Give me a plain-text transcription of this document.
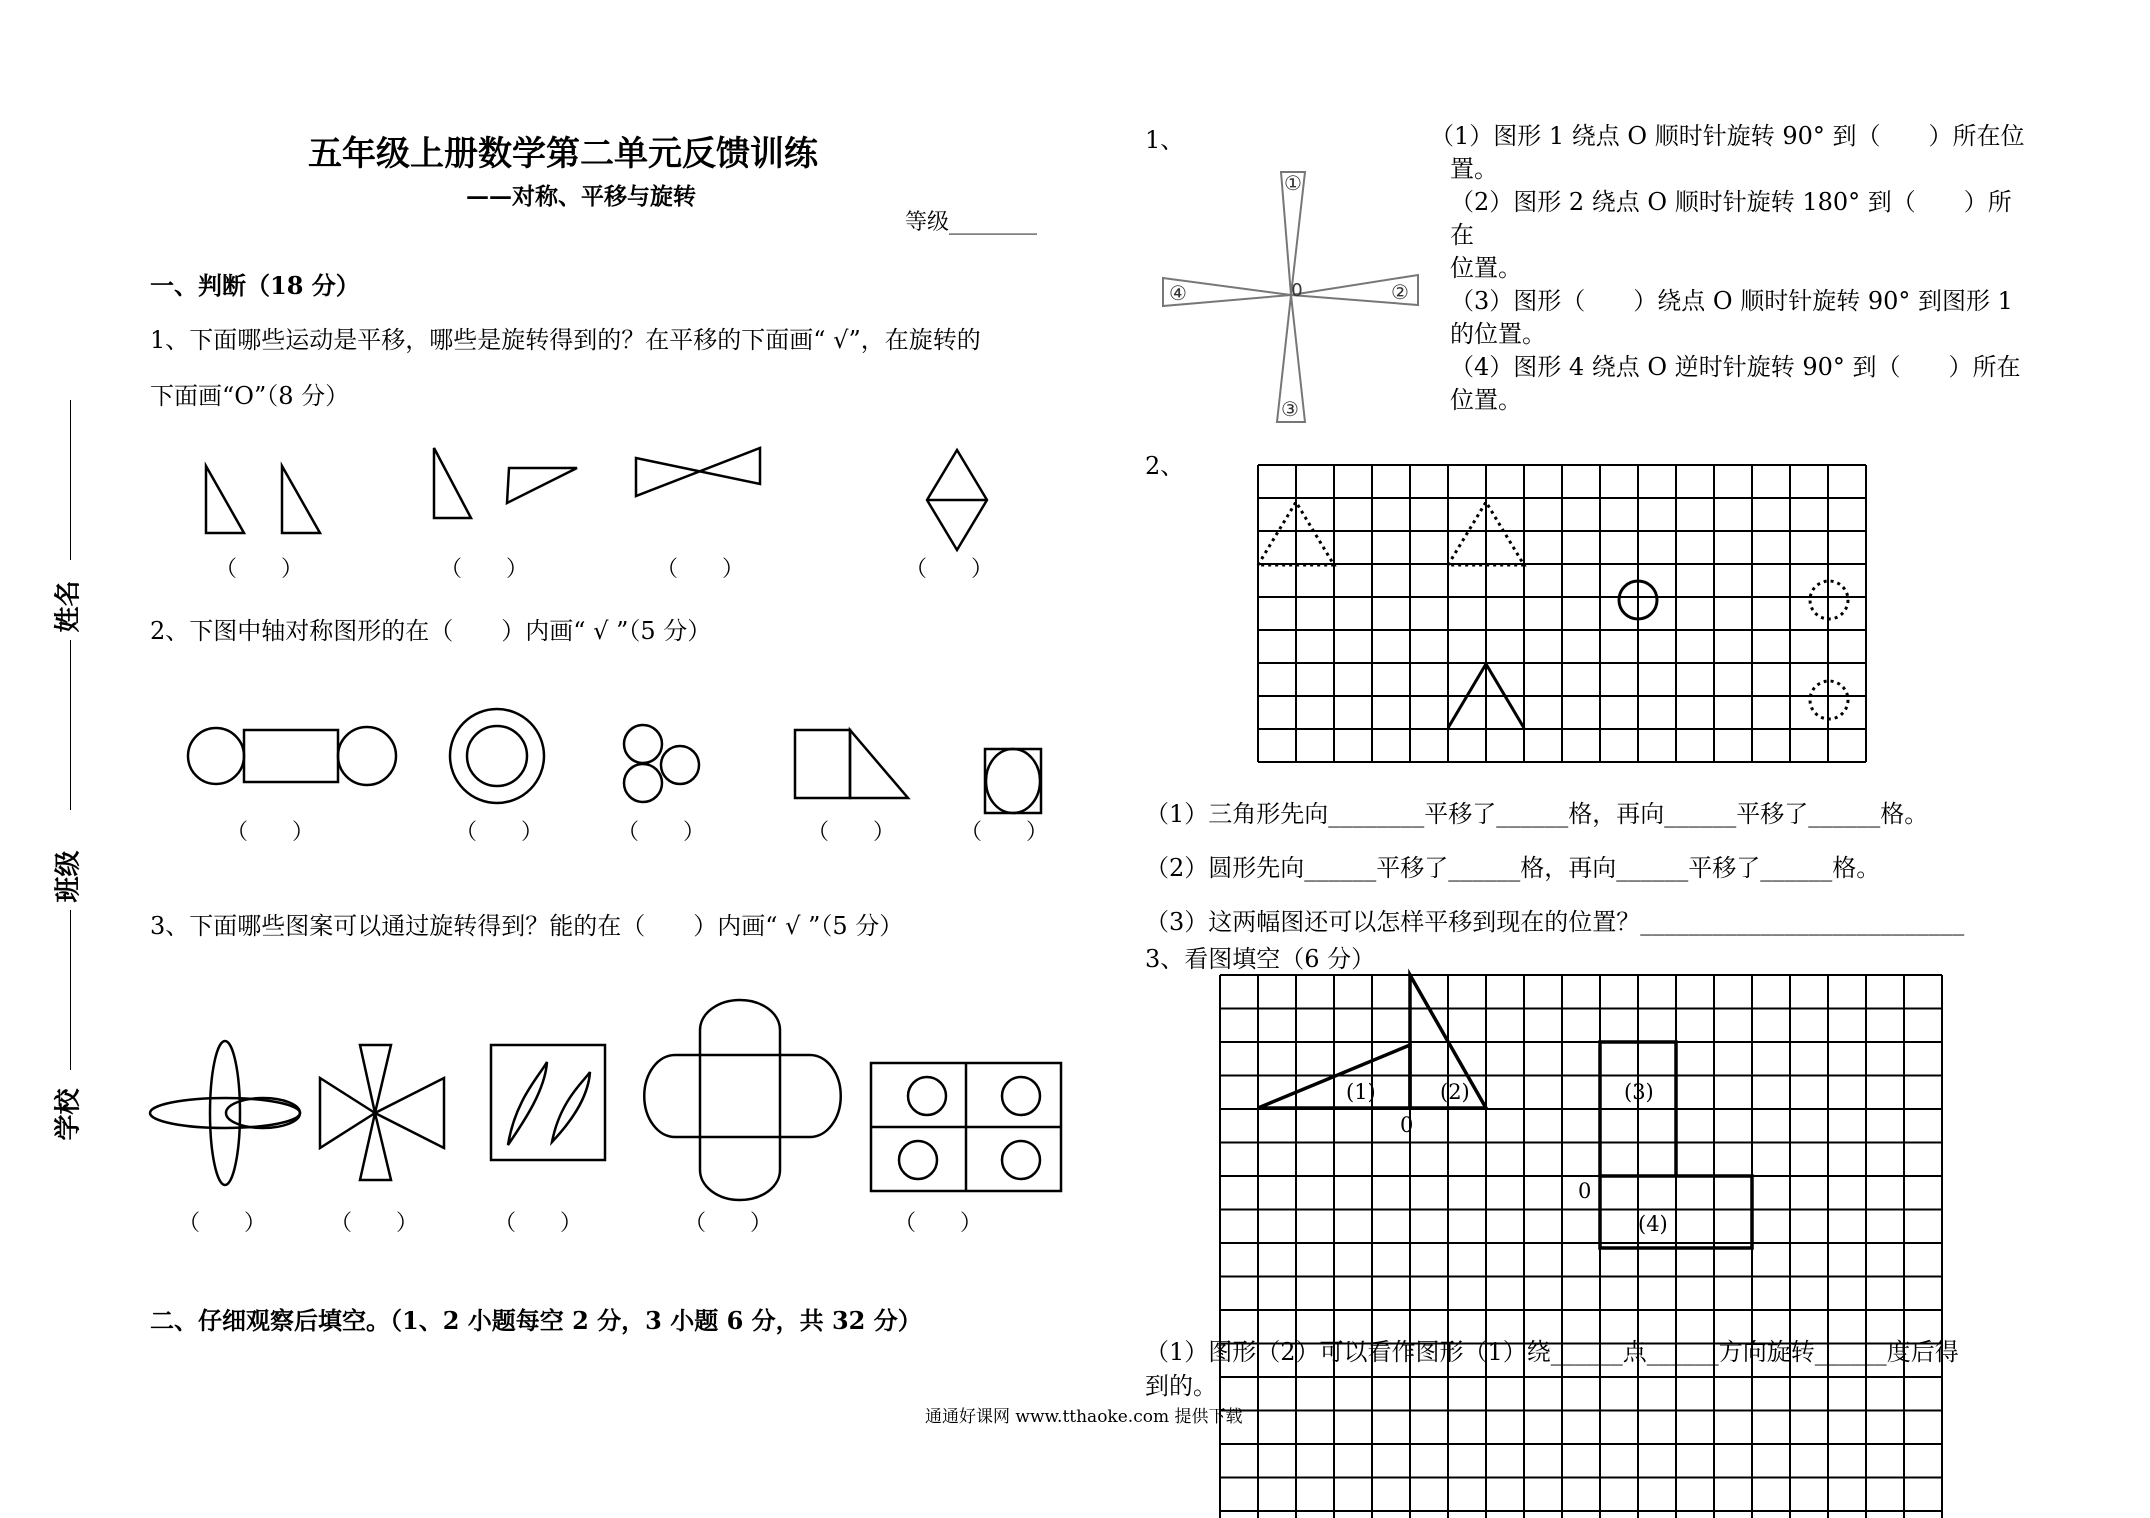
五年级上册数学第二单元反馈训练
——对称、平移与旋转
等级________
姓名
班级
学校
一、判断（18 分）
1、下面哪些运动是平移，哪些是旋转得到的？在平移的下面画“ √”，在旋转的
下面画“O”（8 分）
2、下图中轴对称图形的在（　　）内画“ √ ”（5 分）
3、下面哪些图案可以通过旋转得到？能的在（　　）内画“ √ ”（5 分）
二、仔细观察后填空。（1、2 小题每空 2 分，3 小题 6 分，共 32 分）
（　　）	（　　）	（　　）	（　　）
（　　）	（　　）	（　　）	（　　）	（　　）
（　　）	（　　）	（　　）	（　　）	（　　）
1、	（1）图形 1 绕点 O 顺时针旋转 90° 到（　　）所在位
置。
（2）图形 2 绕点 O 顺时针旋转 180° 到（　　）所
在
位置。
（3）图形（　　）绕点 O 顺时针旋转 90° 到图形 1
的位置。
（4）图形 4 绕点 O 逆时针旋转 90° 到（　　）所在
位置。
①
②
③
④	0
2、
（1）三角形先向________平移了______格，再向______平移了______格。
（2）圆形先向______平移了______格，再向______平移了______格。
（3）这两幅图还可以怎样平移到现在的位置？___________________________
3、看图填空（6 分）
(1)	(2)	(3)
(4)
0
0
（1）图形（2）可以看作图形（1）绕______点______方向旋转______度后得
到的。
通通好课网 www.tthaoke.com 提供下载
